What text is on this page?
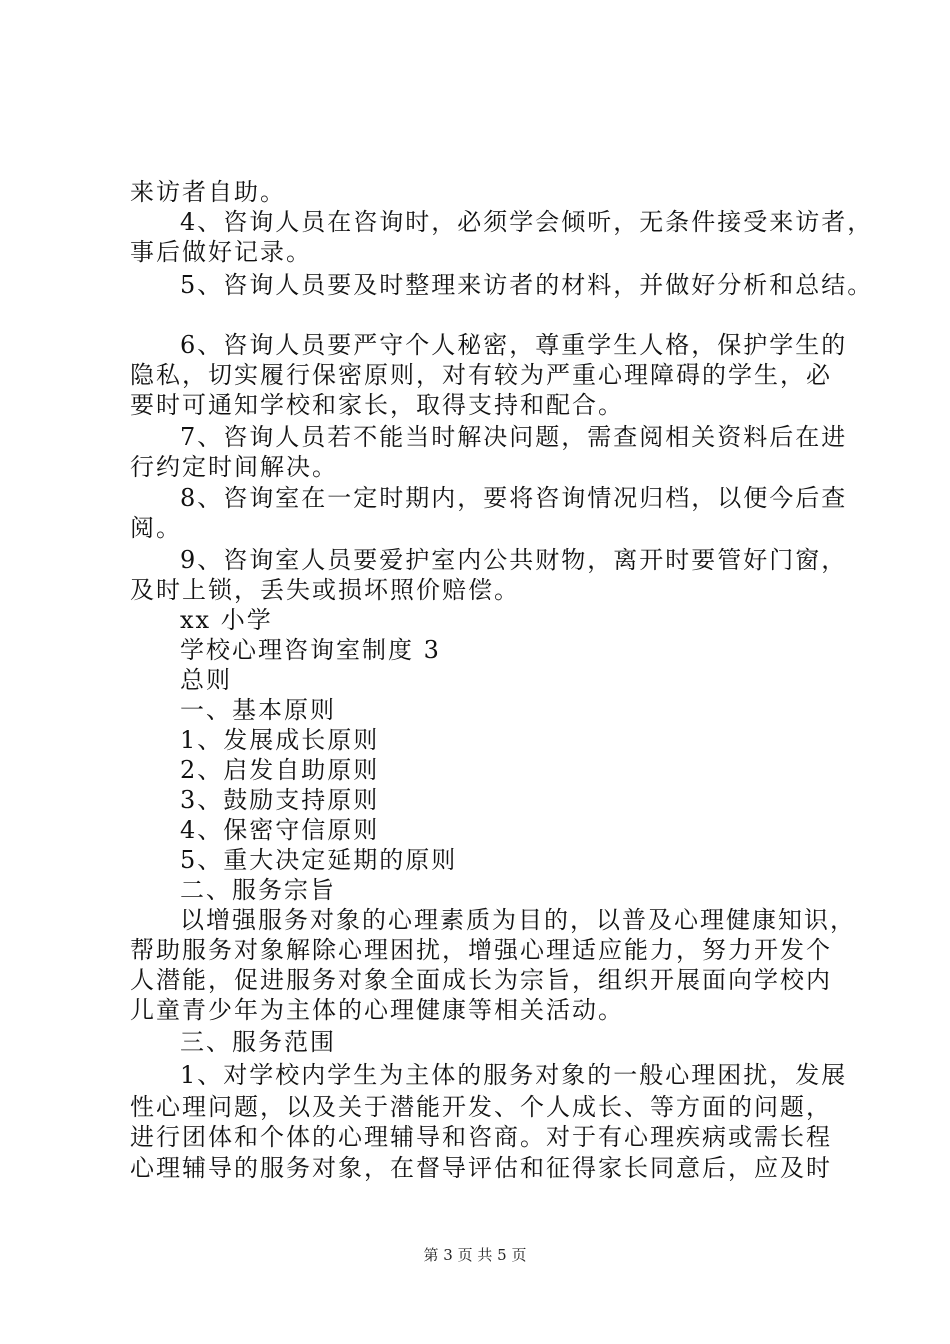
来访者自助。
4、咨询人员在咨询时，必须学会倾听，无条件接受来访者，
事后做好记录。
5、咨询人员要及时整理来访者的材料，并做好分析和总结。
6、咨询人员要严守个人秘密，尊重学生人格，保护学生的
隐私，切实履行保密原则，对有较为严重心理障碍的学生，必
要时可通知学校和家长，取得支持和配合。
7、咨询人员若不能当时解决问题，需查阅相关资料后在进
行约定时间解决。
8、咨询室在一定时期内，要将咨询情况归档，以便今后查
阅。
9、咨询室人员要爱护室内公共财物，离开时要管好门窗，
及时上锁，丢失或损坏照价赔偿。
xx 小学
学校心理咨询室制度 3
总则
一、基本原则
1、发展成长原则
2、启发自助原则
3、鼓励支持原则
4、保密守信原则
5、重大决定延期的原则
二、服务宗旨
以增强服务对象的心理素质为目的，以普及心理健康知识，
帮助服务对象解除心理困扰，增强心理适应能力，努力开发个
人潜能，促进服务对象全面成长为宗旨，组织开展面向学校内
儿童青少年为主体的心理健康等相关活动。
三、服务范围
1、对学校内学生为主体的服务对象的一般心理困扰，发展
性心理问题，以及关于潜能开发、个人成长、等方面的问题，
进行团体和个体的心理辅导和咨商。对于有心理疾病或需长程
心理辅导的服务对象，在督导评估和征得家长同意后，应及时
第 3 页 共 5 页
